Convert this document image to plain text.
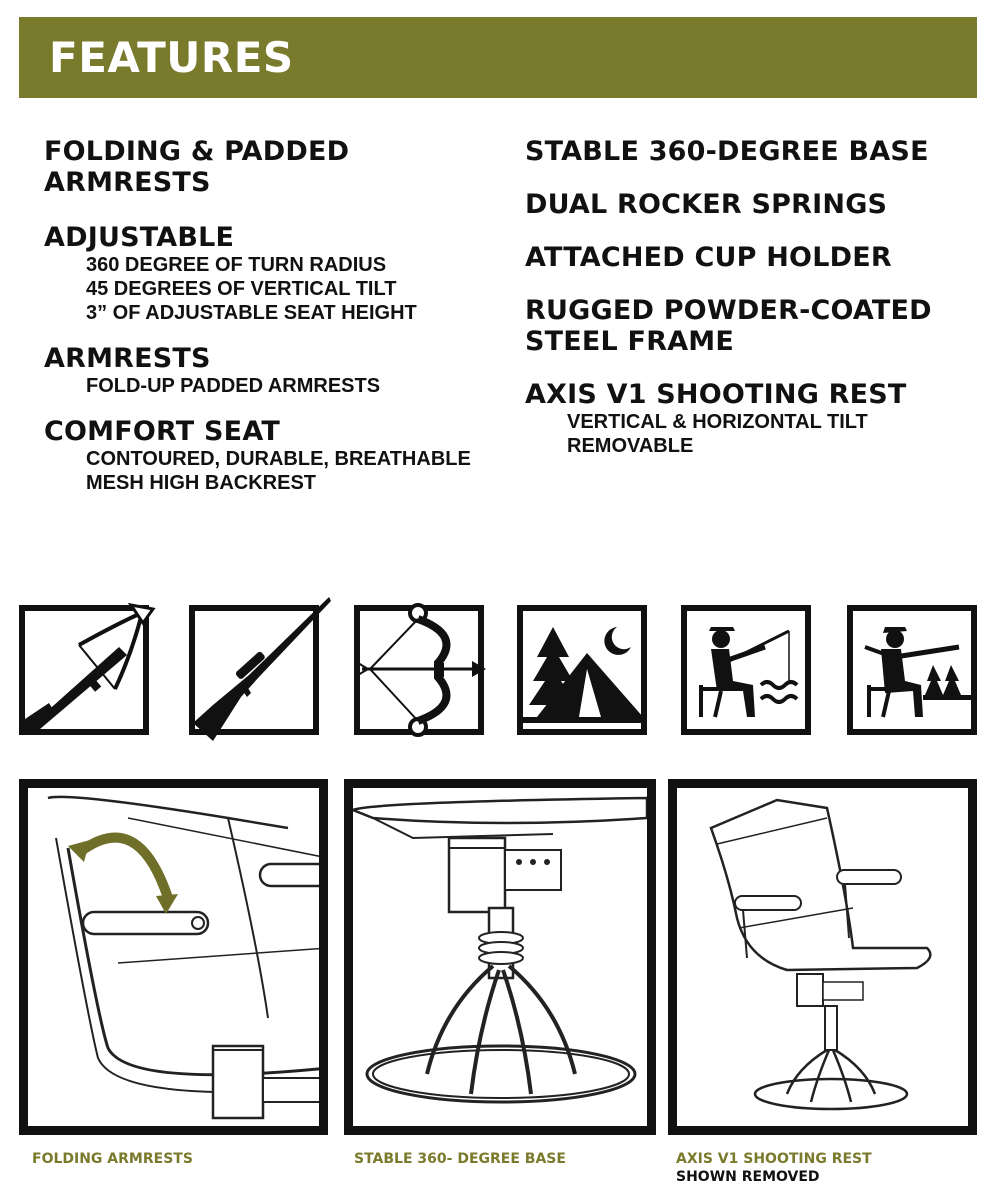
FEATURES
FOLDING & PADDED ARMRESTS
ADJUSTABLE
360 DEGREE OF TURN RADIUS
45 DEGREES OF VERTICAL TILT
3” OF ADJUSTABLE SEAT HEIGHT
ARMRESTS
FOLD-UP PADDED ARMRESTS
COMFORT SEAT
CONTOURED, DURABLE, BREATHABLE
MESH HIGH BACKREST
STABLE 360-DEGREE BASE
DUAL ROCKER SPRINGS
ATTACHED CUP HOLDER
RUGGED POWDER-COATED
STEEL FRAME
AXIS V1 SHOOTING REST
VERTICAL & HORIZONTAL TILT
REMOVABLE
FOLDING ARMRESTS	STABLE 360- DEGREE BASE	AXIS V1 SHOOTING REST
SHOWN REMOVED
